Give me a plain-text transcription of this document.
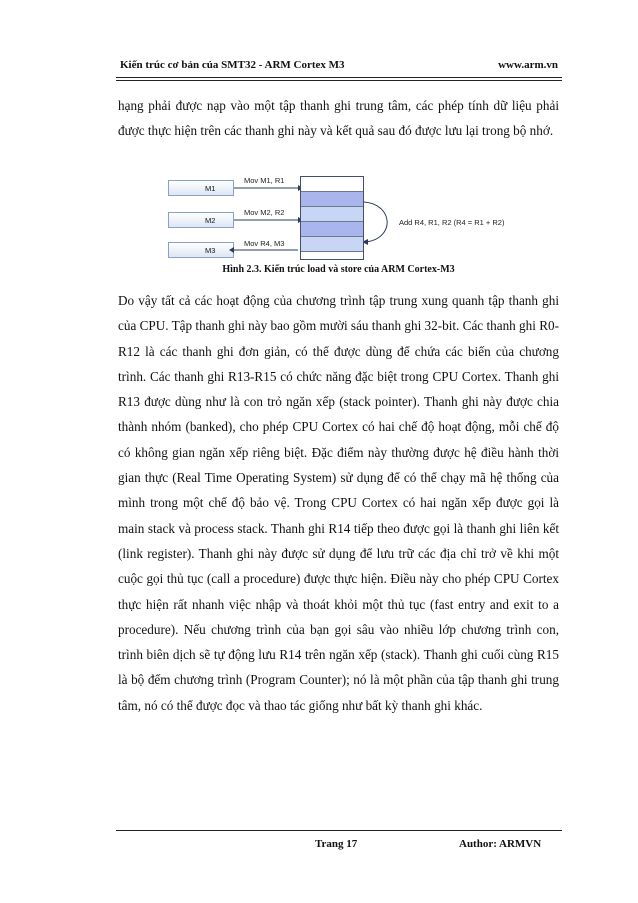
Kiến trúc cơ bản của SMT32 - ARM Cortex M3	www.arm.vn

hạng phải được nạp vào một tập thanh ghi trung tâm, các phép tính dữ liệu phải được thực hiện trên các thanh ghi này và kết quả sau đó được lưu lại trong bộ nhớ.

M1
M2
M3
Mov M1, R1
Mov M2, R2
Mov R4, M3
Add R4, R1, R2 (R4 = R1 + R2)
Hình 2.3. Kiến trúc load và store của ARM Cortex-M3

Do vậy tất cả các hoạt động của chương trình tập trung xung quanh tập thanh ghi của CPU. Tập thanh ghi này bao gồm mười sáu thanh ghi 32-bit. Các thanh ghi R0-R12 là các thanh ghi đơn giản, có thể được dùng để chứa các biến của chương trình. Các thanh ghi R13-R15 có chức năng đặc biệt trong CPU Cortex. Thanh ghi R13 được dùng như là con trỏ ngăn xếp (stack pointer). Thanh ghi này được chia thành nhóm (banked), cho phép CPU Cortex có hai chế độ hoạt động, mỗi chế độ có không gian ngăn xếp riêng biệt. Đặc điểm này thường được hệ điều hành thời gian thực (Real Time Operating System) sử dụng để có thể chạy mã hệ thống của mình trong một chế độ bảo vệ. Trong CPU Cortex có hai ngăn xếp được gọi là main stack và process stack. Thanh ghi R14 tiếp theo được gọi là thanh ghi liên kết (link register). Thanh ghi này được sử dụng để lưu trữ các địa chỉ trở về khi một cuộc gọi thủ tục (call a procedure) được thực hiện. Điều này cho phép CPU Cortex thực hiện rất nhanh việc nhập và thoát khỏi một thủ tục (fast entry and exit to a procedure). Nếu chương trình của bạn gọi sâu vào nhiều lớp chương trình con, trình biên dịch sẽ tự động lưu R14 trên ngăn xếp (stack). Thanh ghi cuối cùng R15 là bộ đếm chương trình (Program Counter); nó là một phần của tập thanh ghi trung tâm, nó có thể được đọc và thao tác giống như bất kỳ thanh ghi khác.

Trang 17	Author: ARMVN
